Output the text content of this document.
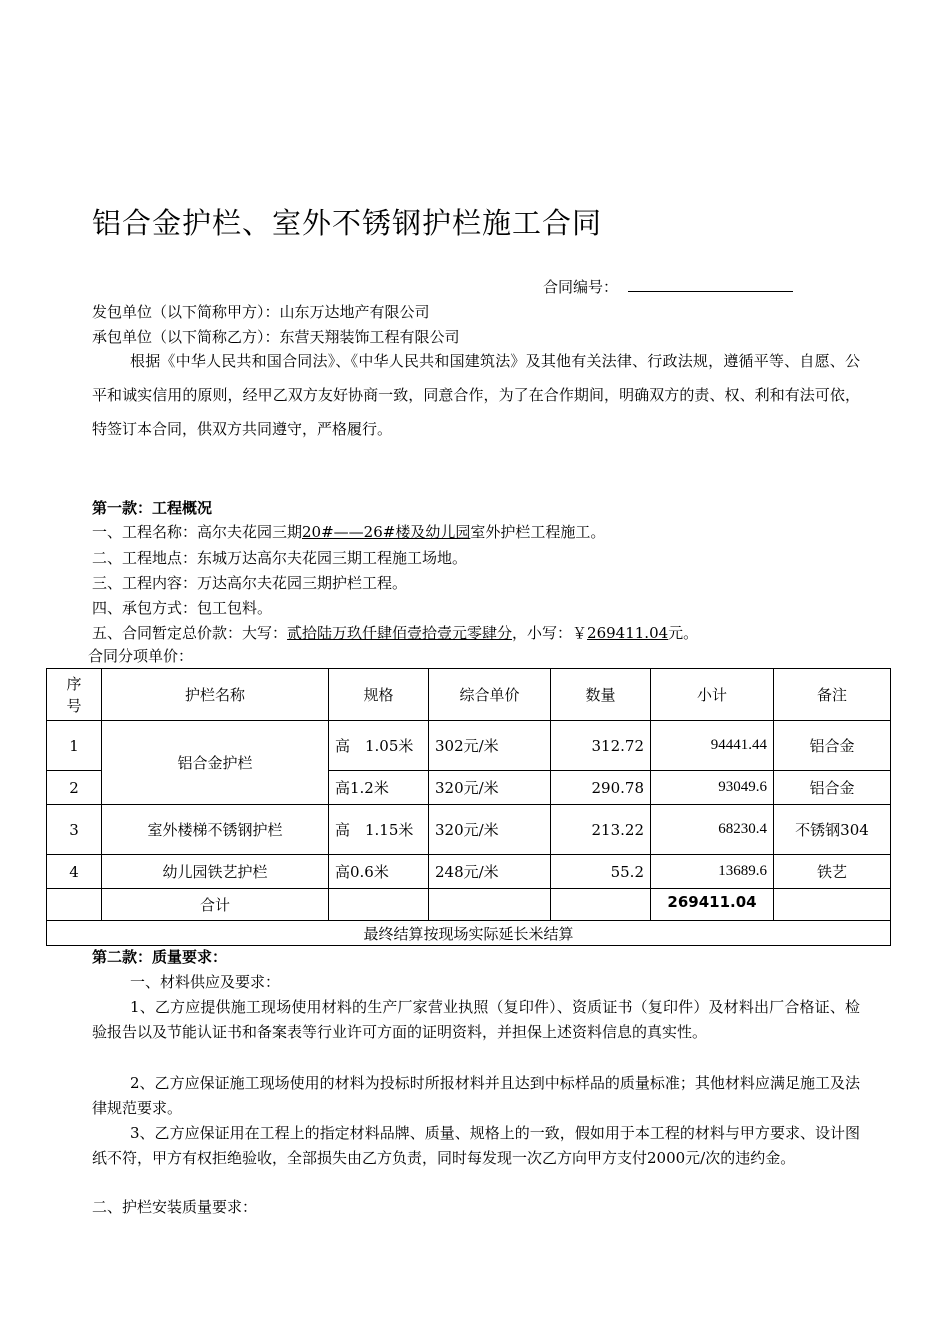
铝合金护栏、室外不锈钢护栏施工合同
合同编号：
发包单位（以下简称甲方）：山东万达地产有限公司
承包单位（以下简称乙方）：东营天翔装饰工程有限公司
根据《中华人民共和国合同法》、《中华人民共和国建筑法》及其他有关法律、行政法规，遵循平等、自愿、公平和诚实信用的原则，经甲乙双方友好协商一致，同意合作，为了在合作期间，明确双方的责、权、利和有法可依，特签订本合同，供双方共同遵守，严格履行。
第一款：工程概况
一、工程名称：高尔夫花园三期20#——26#楼及幼儿园室外护栏工程施工。
二、工程地点：东城万达高尔夫花园三期工程施工场地。
三、工程内容：万达高尔夫花园三期护栏工程。
四、承包方式：包工包料。
五、合同暂定总价款：大写：贰拾陆万玖仟肆佰壹拾壹元零肆分，小写：￥269411.04元。
合同分项单价：
序号	护栏名称	规格	综合单价	数量	小计	备注
1	铝合金护栏	高　1.05米	302元/米	312.72	94441.44	铝合金
2		高1.2米	320元/米	290.78	93049.6	铝合金
3	室外楼梯不锈钢护栏	高　1.15米	320元/米	213.22	68230.4	不锈钢304
4	幼儿园铁艺护栏	高0.6米	248元/米	55.2	13689.6	铁艺
	合计				269411.04	
最终结算按现场实际延长米结算						
第二款：质量要求：
一、材料供应及要求：
1、乙方应提供施工现场使用材料的生产厂家营业执照（复印件）、资质证书（复印件）及材料出厂合格证、检验报告以及节能认证书和备案表等行业许可方面的证明资料，并担保上述资料信息的真实性。
2、乙方应保证施工现场使用的材料为投标时所报材料并且达到中标样品的质量标准；其他材料应满足施工及法律规范要求。
3、乙方应保证用在工程上的指定材料品牌、质量、规格上的一致，假如用于本工程的材料与甲方要求、设计图纸不符，甲方有权拒绝验收，全部损失由乙方负责，同时每发现一次乙方向甲方支付2000元/次的违约金。
二、护栏安装质量要求：
